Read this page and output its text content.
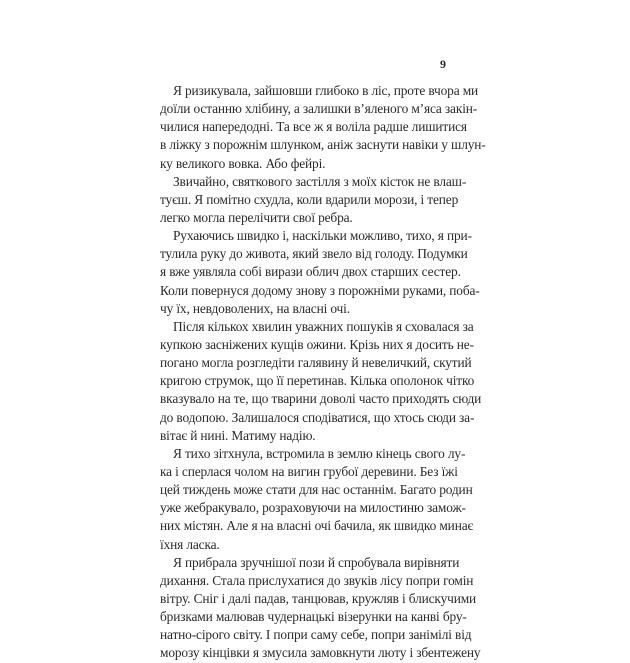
9
Я ризикувала, зайшовши глибоко в ліс, проте вчора ми
доїли останню хлібину, а залишки в’яленого м’яса закін-
чилися напередодні. Та все ж я воліла радше лишитися
в ліжку з порожнім шлунком, аніж заснути навіки у шлун-
ку великого вовка. Або фейрі.
Звичайно, святкового застілля з моїх кісток не влаш-
туєш. Я помітно схудла, коли вдарили морози, і тепер
легко могла перелічити свої ребра.
Рухаючись швидко і, наскільки можливо, тихо, я при-
тулила руку до живота, який звело від голоду. Подумки
я вже уявляла собі вирази облич двох старших сестер.
Коли повернуся додому знову з порожніми руками, поба-
чу їх, невдоволених, на власні очі.
Після кількох хвилин уважних пошуків я сховалася за
купкою засніжених кущів ожини. Крізь них я досить не-
погано могла розгледіти галявину й невеличкий, скутий
кригою струмок, що її перетинав. Кілька ополонок чітко
вказувало на те, що тварини доволі часто приходять сюди
до водопою. Залишалося сподіватися, що хтось сюди за-
вітає й нині. Матиму надію.
Я тихо зітхнула, встромила в землю кінець свого лу-
ка і сперлася чолом на вигин грубої деревини. Без їжі
цей тиждень може стати для нас останнім. Багато родин
уже жебракувало, розраховуючи на милостиню замож-
них містян. Але я на власні очі бачила, як швидко минає
їхня ласка.
Я прибрала зручнішої пози й спробувала вирівняти
дихання. Стала прислухатися до звуків лісу попри гомін
вітру. Сніг і далі падав, танцював, кружляв і блискучими
бризками малював чудернацькі візерунки на канві бру-
натно-сірого світу. І попри саму себе, попри занімілі від
морозу кінцівки я змусила замовкнути люту і збентежену
